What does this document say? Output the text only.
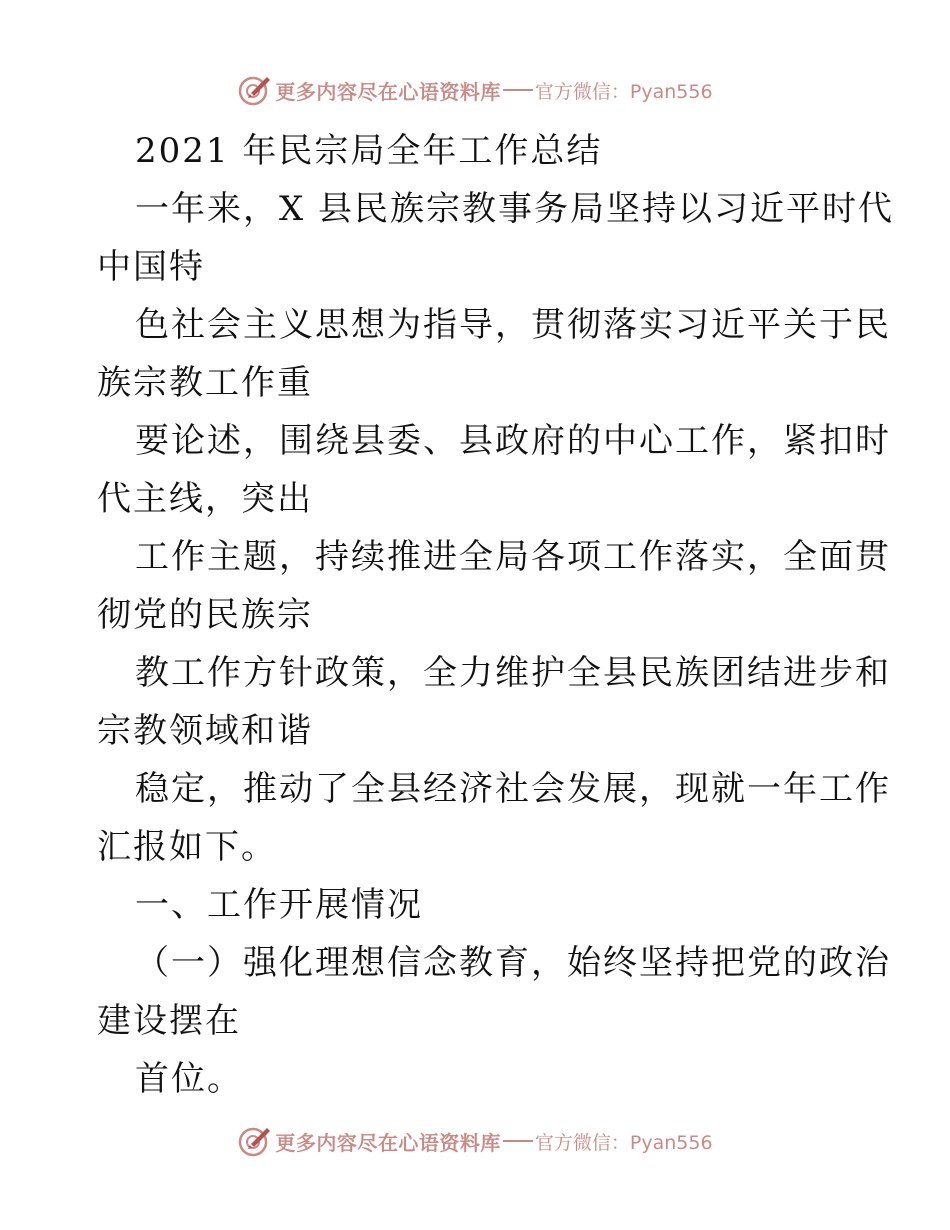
更多内容尽在心语资料库 官方微信：Pyan556
2021 年民宗局全年工作总结
一年来，X 县民族宗教事务局坚持以习近平时代
中国特
色社会主义思想为指导，贯彻落实习近平关于民
族宗教工作重
要论述，围绕县委、县政府的中心工作，紧扣时
代主线，突出
工作主题，持续推进全局各项工作落实，全面贯
彻党的民族宗
教工作方针政策，全力维护全县民族团结进步和
宗教领域和谐
稳定，推动了全县经济社会发展，现就一年工作
汇报如下。
一、工作开展情况
（一）强化理想信念教育，始终坚持把党的政治
建设摆在
首位。
更多内容尽在心语资料库 官方微信：Pyan556
